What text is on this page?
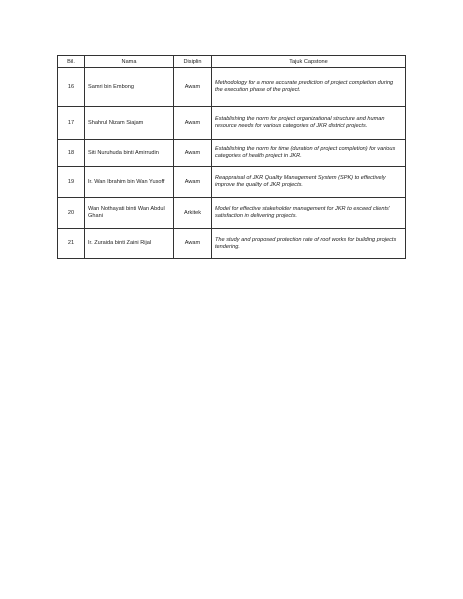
Bil.	Nama	Disiplin	Tajuk Capstone
16	Samri bin Embong	Awam	Methodology for a more accurate prediction of project completion during the execution phase of the project.
17	Shahrul Nizam Siajam	Awam	Establishing the norm for project organizational structure and human resource needs for various categories of JKR district projects.
18	Siti Nuruhuda binti Amirrudin	Awam	Establishing the norm for time (duration of project completion) for various categories of health project in JKR.
19	Ir. Wan Ibrahim bin Wan Yusoff	Awam	Reappraisal of JKR Quality Management System (SPK) to effectively improve the quality of JKR projects.
20	Wan Nothayati binti Wan Abdul Ghani	Arkitek	Model for effective stakeholder management for JKR to exceed clients' satisfaction in delivering projects.
21	Ir. Zuraida binti Zaini Rijal	Awam	The study and proposed protection rate of roof works for building projects tendering.
